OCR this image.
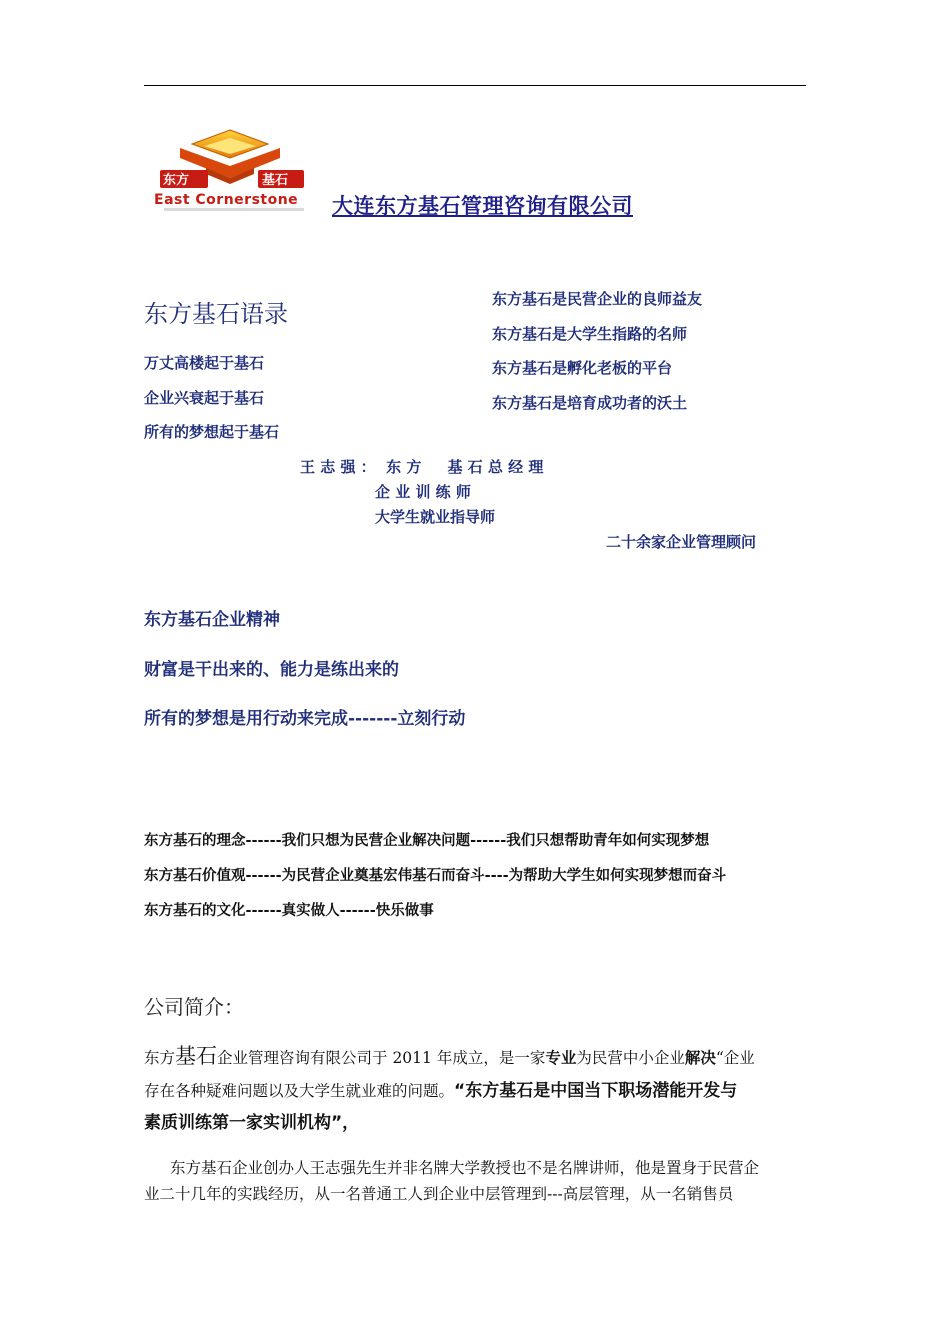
东方	基石
East Cornerstone 大连东方基石管理咨询有限公司
东方基石语录
万丈高楼起于基石
企业兴衰起于基石
所有的梦想起于基石
东方基石是民营企业的良师益友
东方基石是大学生指路的名师
东方基石是孵化老板的平台
东方基石是培育成功者的沃土
王 志 强 ：  东 方     基 石 总 经 理
企 业 训 练 师
大学生就业指导师
二十余家企业管理顾问
东方基石企业精神
财富是干出来的、能力是练出来的
所有的梦想是用行动来完成-------立刻行动
东方基石的理念------我们只想为民营企业解决问题------我们只想帮助青年如何实现梦想
东方基石价值观------为民营企业奠基宏伟基石而奋斗----为帮助大学生如何实现梦想而奋斗
东方基石的文化------真实做人------快乐做事
公司简介：
东方基石企业管理咨询有限公司于 2011 年成立，是一家专业为民营中小企业解决“企业
存在各种疑难问题以及大学生就业难的问题。“东方基石是中国当下职场潜能开发与
素质训练第一家实训机构”，
东方基石企业创办人王志强先生并非名牌大学教授也不是名牌讲师，他是置身于民营企
业二十几年的实践经历，从一名普通工人到企业中层管理到---高层管理，从一名销售员
